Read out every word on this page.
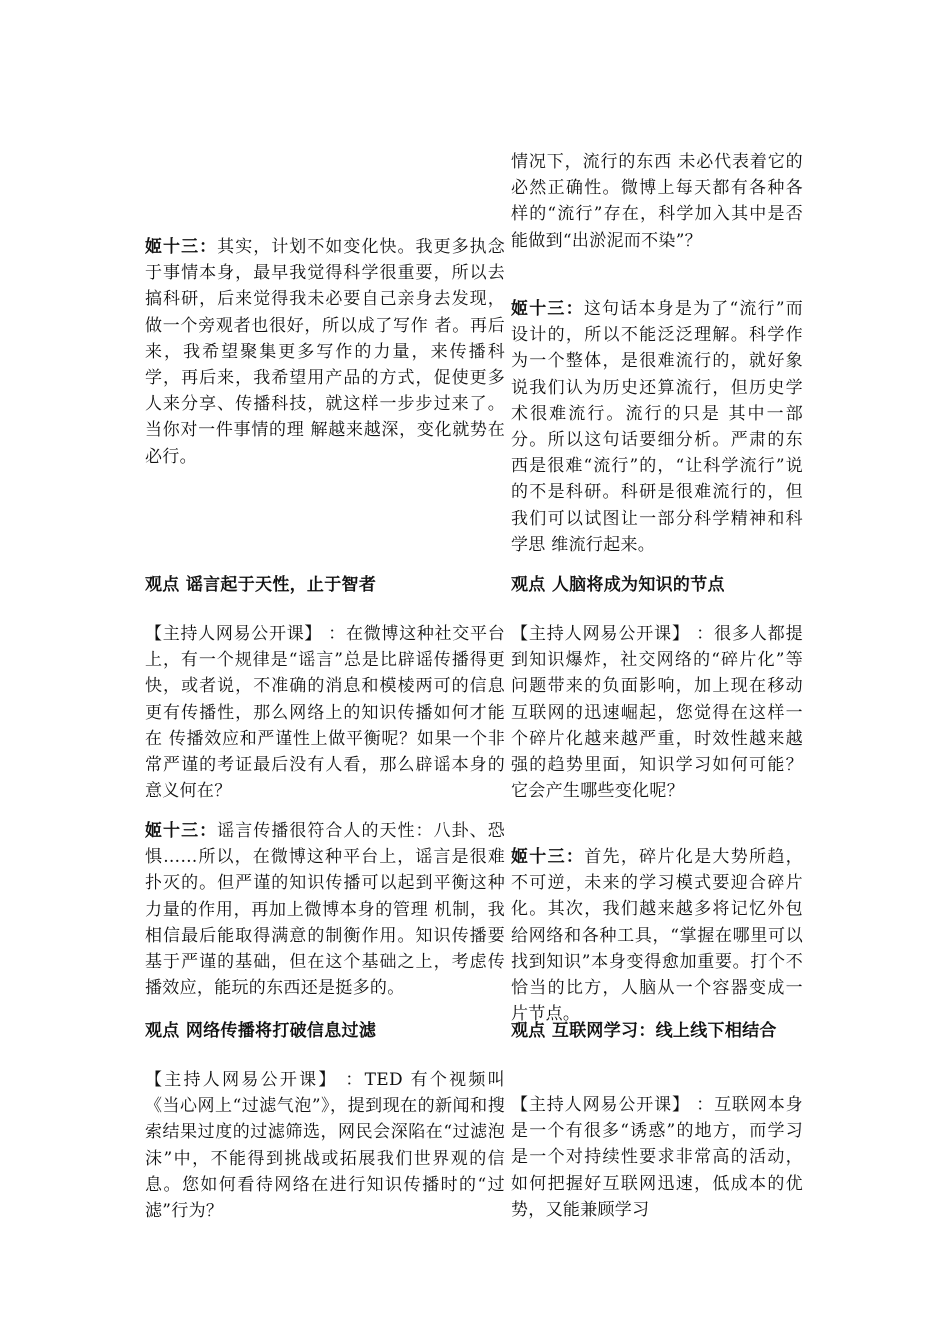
姬十三：其实，计划不如变化快。我更多执念于事情本身，最早我觉得科学很重要，所以去搞科研，后来觉得我未必要自己亲身去发现，做一个旁观者也很好，所以成了写作 者。再后来，我希望聚集更多写作的力量，来传播科学，再后来，我希望用产品的方式，促使更多人来分享、传播科技，就这样一步步过来了。当你对一件事情的理 解越来越深，变化就势在必行。
观点 谣言起于天性，止于智者
【主持人网易公开课】 ：在微博这种社交平台上，有一个规律是“谣言”总是比辟谣传播得更快，或者说，不准确的消息和模棱两可的信息更有传播性，那么网络上的知识传播如何才能在 传播效应和严谨性上做平衡呢？如果一个非常严谨的考证最后没有人看，那么辟谣本身的意义何在？
姬十三：谣言传播很符合人的天性：八卦、恐惧……所以，在微博这种平台上，谣言是很难扑灭的。但严谨的知识传播可以起到平衡这种力量的作用，再加上微博本身的管理 机制，我相信最后能取得满意的制衡作用。知识传播要基于严谨的基础，但在这个基础之上，考虑传播效应，能玩的东西还是挺多的。
观点 网络传播将打破信息过滤
【主持人网易公开课】 ：TED 有个视频叫《当心网上“过滤气泡”》，提到现在的新闻和搜索结果过度的过滤筛选，网民会深陷在“过滤泡沫”中，不能得到挑战或拓展我们世界观的信息。您如何看待网络在进行知识传播时的“过滤”行为？
情况下，流行的东西 未必代表着它的必然正确性。微博上每天都有各种各样的“流行”存在，科学加入其中是否能做到“出淤泥而不染”？
姬十三：这句话本身是为了“流行”而设计的，所以不能泛泛理解。科学作为一个整体，是很难流行的，就好象说我们认为历史还算流行，但历史学术很难流行。流行的只是 其中一部分。所以这句话要细分析。严肃的东西是很难“流行”的，“让科学流行”说的不是科研。科研是很难流行的，但我们可以试图让一部分科学精神和科学思 维流行起来。
观点 人脑将成为知识的节点
【主持人网易公开课】 ：很多人都提到知识爆炸，社交网络的“碎片化”等问题带来的负面影响，加上现在移动互联网的迅速崛起，您觉得在这样一个碎片化越来越严重，时效性越来越强的趋势里面，知识学习如何可能？它会产生哪些变化呢？
姬十三：首先，碎片化是大势所趋，不可逆，未来的学习模式要迎合碎片化。其次，我们越来越多将记忆外包给网络和各种工具，“掌握在哪里可以找到知识”本身变得愈加重要。打个不恰当的比方，人脑从一个容器变成一片节点。
观点 互联网学习：线上线下相结合
【主持人网易公开课】 ：互联网本身是一个有很多“诱惑”的地方，而学习是一个对持续性要求非常高的活动，如何把握好互联网迅速，低成本的优势，又能兼顾学习
